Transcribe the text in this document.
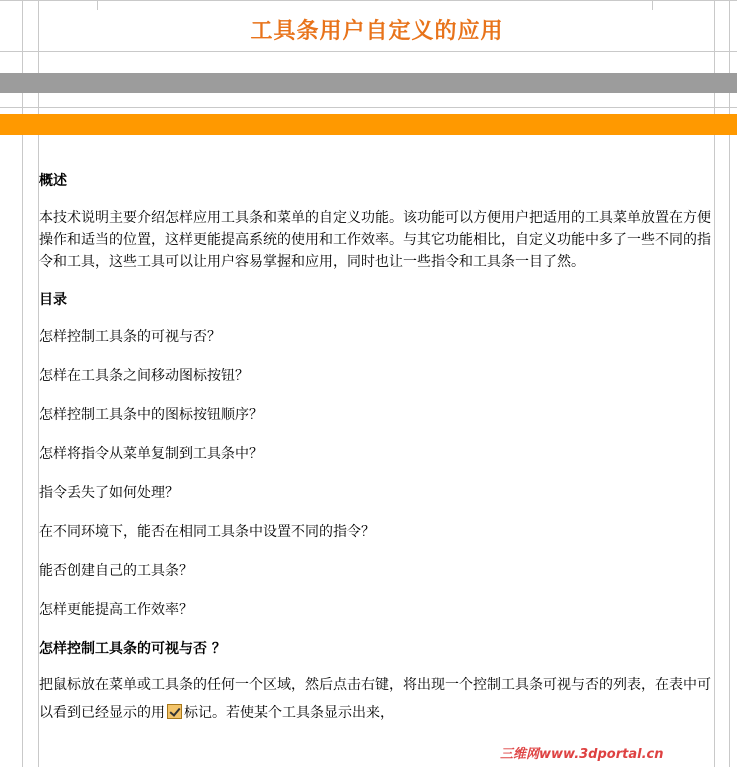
工具条用户自定义的应用
概述

本技术说明主要介绍怎样应用工具条和菜单的自定义功能。该功能可以方便用户把适用的工具菜单放置在方便操作和适当的位置，这样更能提高系统的使用和工作效率。与其它功能相比，自定义功能中多了一些不同的指令和工具，这些工具可以让用户容易掌握和应用，同时也让一些指令和工具条一目了然。

目录
怎样控制工具条的可视与否？
怎样在工具条之间移动图标按钮？
怎样控制工具条中的图标按钮顺序？
怎样将指令从菜单复制到工具条中？
指令丢失了如何处理？
在不同环境下，能否在相同工具条中设置不同的指令？
能否创建自己的工具条？
怎样更能提高工作效率？
怎样控制工具条的可视与否 ？

把鼠标放在菜单或工具条的任何一个区域，然后点击右键，将出现一个控制工具条可视与否的列表，在表中可以看到已经显示的用 标记。若使某个工具条显示出来，

三维网www.3dportal.cn
